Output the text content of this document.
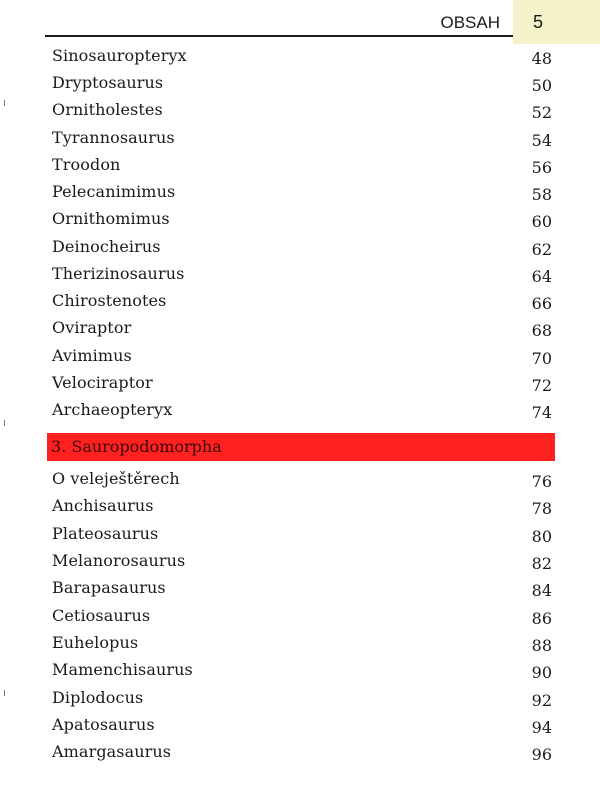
OBSAH 5
Sinosauropteryx	48
Dryptosaurus	50
Ornitholestes	52
Tyrannosaurus	54
Troodon	56
Pelecanimimus	58
Ornithomimus	60
Deinocheirus	62
Therizinosaurus	64
Chirostenotes	66
Oviraptor	68
Avimimus	70
Velociraptor	72
Archaeopteryx	74
3. Sauropodomorpha
O veleještěrech	76
Anchisaurus	78
Plateosaurus	80
Melanorosaurus	82
Barapasaurus	84
Cetiosaurus	86
Euhelopus	88
Mamenchisaurus	90
Diplodocus	92
Apatosaurus	94
Amargasaurus	96
